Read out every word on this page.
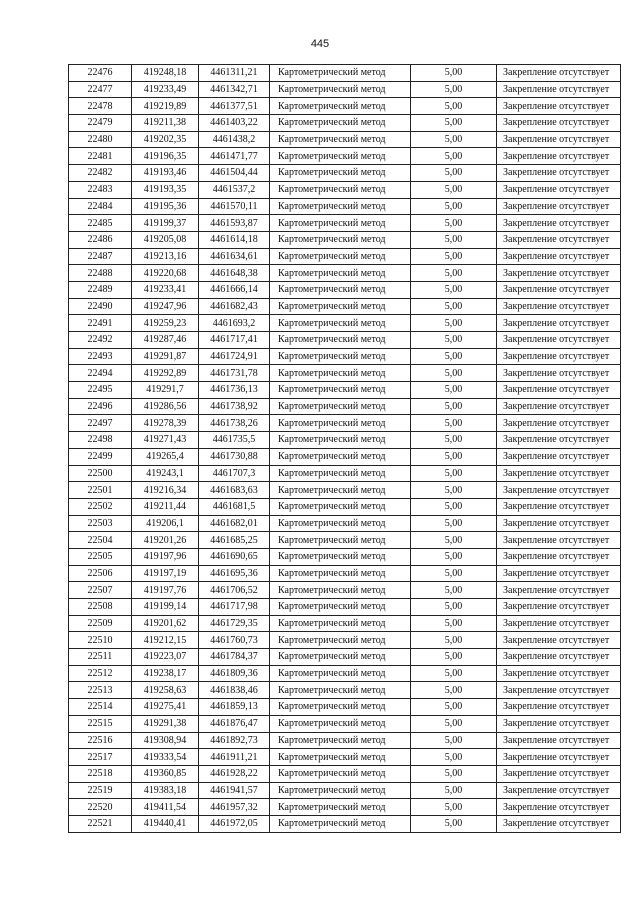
445
22476	419248,18	4461311,21	Картометрический метод	5,00	Закрепление отсутствует
22477	419233,49	4461342,71	Картометрический метод	5,00	Закрепление отсутствует
22478	419219,89	4461377,51	Картометрический метод	5,00	Закрепление отсутствует
22479	419211,38	4461403,22	Картометрический метод	5,00	Закрепление отсутствует
22480	419202,35	4461438,2	Картометрический метод	5,00	Закрепление отсутствует
22481	419196,35	4461471,77	Картометрический метод	5,00	Закрепление отсутствует
22482	419193,46	4461504,44	Картометрический метод	5,00	Закрепление отсутствует
22483	419193,35	4461537,2	Картометрический метод	5,00	Закрепление отсутствует
22484	419195,36	4461570,11	Картометрический метод	5,00	Закрепление отсутствует
22485	419199,37	4461593,87	Картометрический метод	5,00	Закрепление отсутствует
22486	419205,08	4461614,18	Картометрический метод	5,00	Закрепление отсутствует
22487	419213,16	4461634,61	Картометрический метод	5,00	Закрепление отсутствует
22488	419220,68	4461648,38	Картометрический метод	5,00	Закрепление отсутствует
22489	419233,41	4461666,14	Картометрический метод	5,00	Закрепление отсутствует
22490	419247,96	4461682,43	Картометрический метод	5,00	Закрепление отсутствует
22491	419259,23	4461693,2	Картометрический метод	5,00	Закрепление отсутствует
22492	419287,46	4461717,41	Картометрический метод	5,00	Закрепление отсутствует
22493	419291,87	4461724,91	Картометрический метод	5,00	Закрепление отсутствует
22494	419292,89	4461731,78	Картометрический метод	5,00	Закрепление отсутствует
22495	419291,7	4461736,13	Картометрический метод	5,00	Закрепление отсутствует
22496	419286,56	4461738,92	Картометрический метод	5,00	Закрепление отсутствует
22497	419278,39	4461738,26	Картометрический метод	5,00	Закрепление отсутствует
22498	419271,43	4461735,5	Картометрический метод	5,00	Закрепление отсутствует
22499	419265,4	4461730,88	Картометрический метод	5,00	Закрепление отсутствует
22500	419243,1	4461707,3	Картометрический метод	5,00	Закрепление отсутствует
22501	419216,34	4461683,63	Картометрический метод	5,00	Закрепление отсутствует
22502	419211,44	4461681,5	Картометрический метод	5,00	Закрепление отсутствует
22503	419206,1	4461682,01	Картометрический метод	5,00	Закрепление отсутствует
22504	419201,26	4461685,25	Картометрический метод	5,00	Закрепление отсутствует
22505	419197,96	4461690,65	Картометрический метод	5,00	Закрепление отсутствует
22506	419197,19	4461695,36	Картометрический метод	5,00	Закрепление отсутствует
22507	419197,76	4461706,52	Картометрический метод	5,00	Закрепление отсутствует
22508	419199,14	4461717,98	Картометрический метод	5,00	Закрепление отсутствует
22509	419201,62	4461729,35	Картометрический метод	5,00	Закрепление отсутствует
22510	419212,15	4461760,73	Картометрический метод	5,00	Закрепление отсутствует
22511	419223,07	4461784,37	Картометрический метод	5,00	Закрепление отсутствует
22512	419238,17	4461809,36	Картометрический метод	5,00	Закрепление отсутствует
22513	419258,63	4461838,46	Картометрический метод	5,00	Закрепление отсутствует
22514	419275,41	4461859,13	Картометрический метод	5,00	Закрепление отсутствует
22515	419291,38	4461876,47	Картометрический метод	5,00	Закрепление отсутствует
22516	419308,94	4461892,73	Картометрический метод	5,00	Закрепление отсутствует
22517	419333,54	4461911,21	Картометрический метод	5,00	Закрепление отсутствует
22518	419360,85	4461928,22	Картометрический метод	5,00	Закрепление отсутствует
22519	419383,18	4461941,57	Картометрический метод	5,00	Закрепление отсутствует
22520	419411,54	4461957,32	Картометрический метод	5,00	Закрепление отсутствует
22521	419440,41	4461972,05	Картометрический метод	5,00	Закрепление отсутствует
